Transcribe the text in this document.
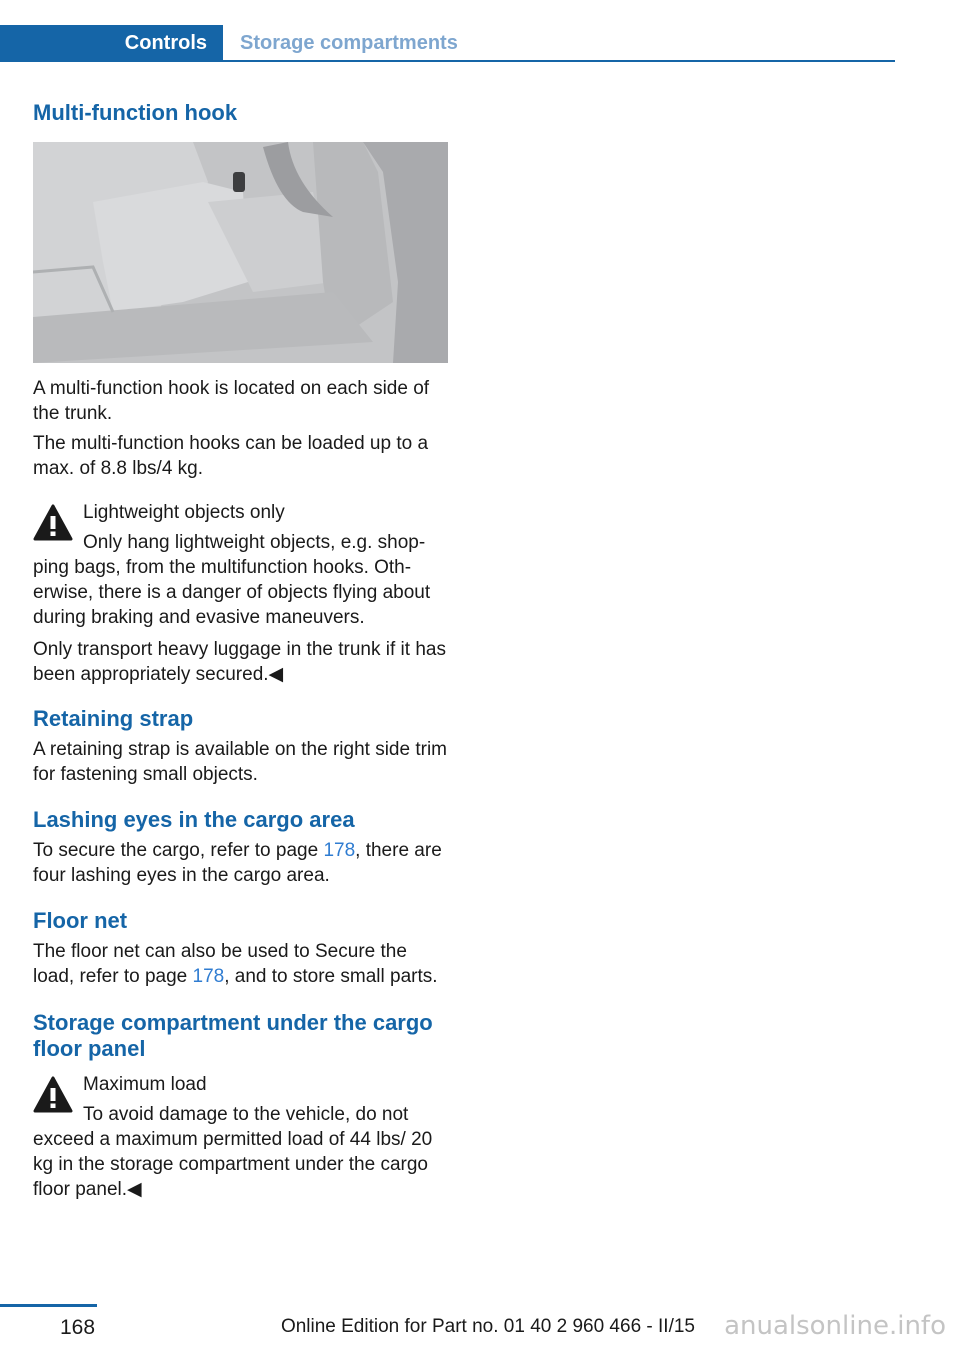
Controls	Storage compartments
Multi-function hook

A multi-function hook is located on each side of the trunk.

The multi-function hooks can be loaded up to a max. of 8.8 lbs/4 kg.

Lightweight objects only

Only hang lightweight objects, e.g. shop-ping bags, from the multifunction hooks. Oth-erwise, there is a danger of objects flying about during braking and evasive maneuvers.

Only transport heavy luggage in the trunk if it has been appropriately secured.◀

Retaining strap

A retaining strap is available on the right side trim for fastening small objects.

Lashing eyes in the cargo area

To secure the cargo, refer to page 178, there are four lashing eyes in the cargo area.

Floor net

The floor net can also be used to Secure the load, refer to page 178, and to store small parts.

Storage compartment under the cargo floor panel

Maximum load

To avoid damage to the vehicle, do not exceed a maximum permitted load of 44 lbs/ 20 kg in the storage compartment under the cargo floor panel.◀

168	Online Edition for Part no. 01 40 2 960 466 - II/15 anualsonline.info
